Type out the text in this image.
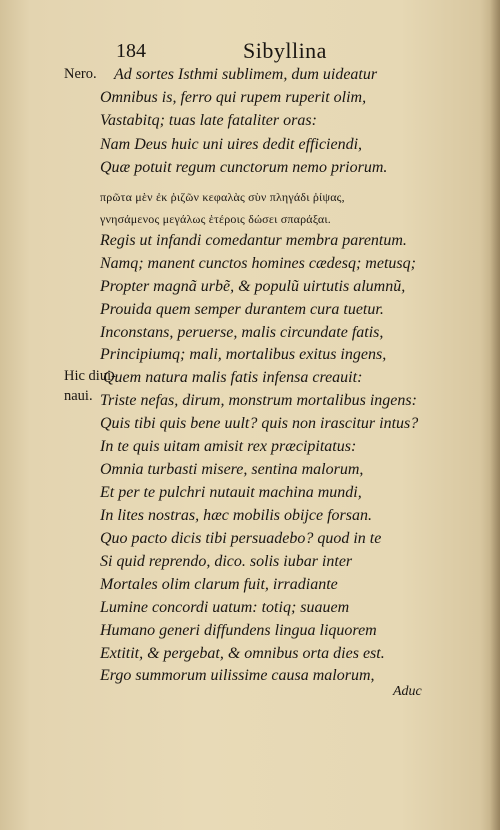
184	Sibyllina
Nero.
Hic diui-
naui.
Ad sortes Isthmi sublimem, dum uideatur
Omnibus is, ferro qui rupem ruperit olim,
Vastabitq; tuas late fataliter oras:
Nam Deus huic uni uires dedit efficiendi,
Quæ potuit regum cunctorum nemo priorum.
πρῶτα μὲν ἐκ ῥιζῶν κεφαλὰς σὺν πληγάδι ῥίψας,
γνησάμενος μεγάλως ἑτέροις δώσει σπαράξαι.
Regis ut infandi comedantur membra parentum.
Namq; manent cunctos homines cædesq; metusq;
Propter magnã urbẽ, & populũ uirtutis alumnũ,
Prouida quem semper durantem cura tuetur.
Inconstans, peruerse, malis circundate fatis,
Principiumq; mali, mortalibus exitus ingens,
Quem natura malis fatis infensa creauit:
Triste nefas, dirum, monstrum mortalibus ingens:
Quis tibi quis bene uult? quis non irascitur intus?
In te quis uitam amisit rex præcipitatus:
Omnia turbasti misere, sentina malorum,
Et per te pulchri nutauit machina mundi,
In lites nostras, hæc mobilis obijce forsan.
Quo pacto dicis tibi persuadebo? quod in te
Si quid reprendo, dico. solis iubar inter
Mortales olim clarum fuit, irradiante
Lumine concordi uatum: totiq; suauem
Humano generi diffundens lingua liquorem
Extitit, & pergebat, & omnibus orta dies est.
Ergo summorum uilissime causa malorum,
Aduc
